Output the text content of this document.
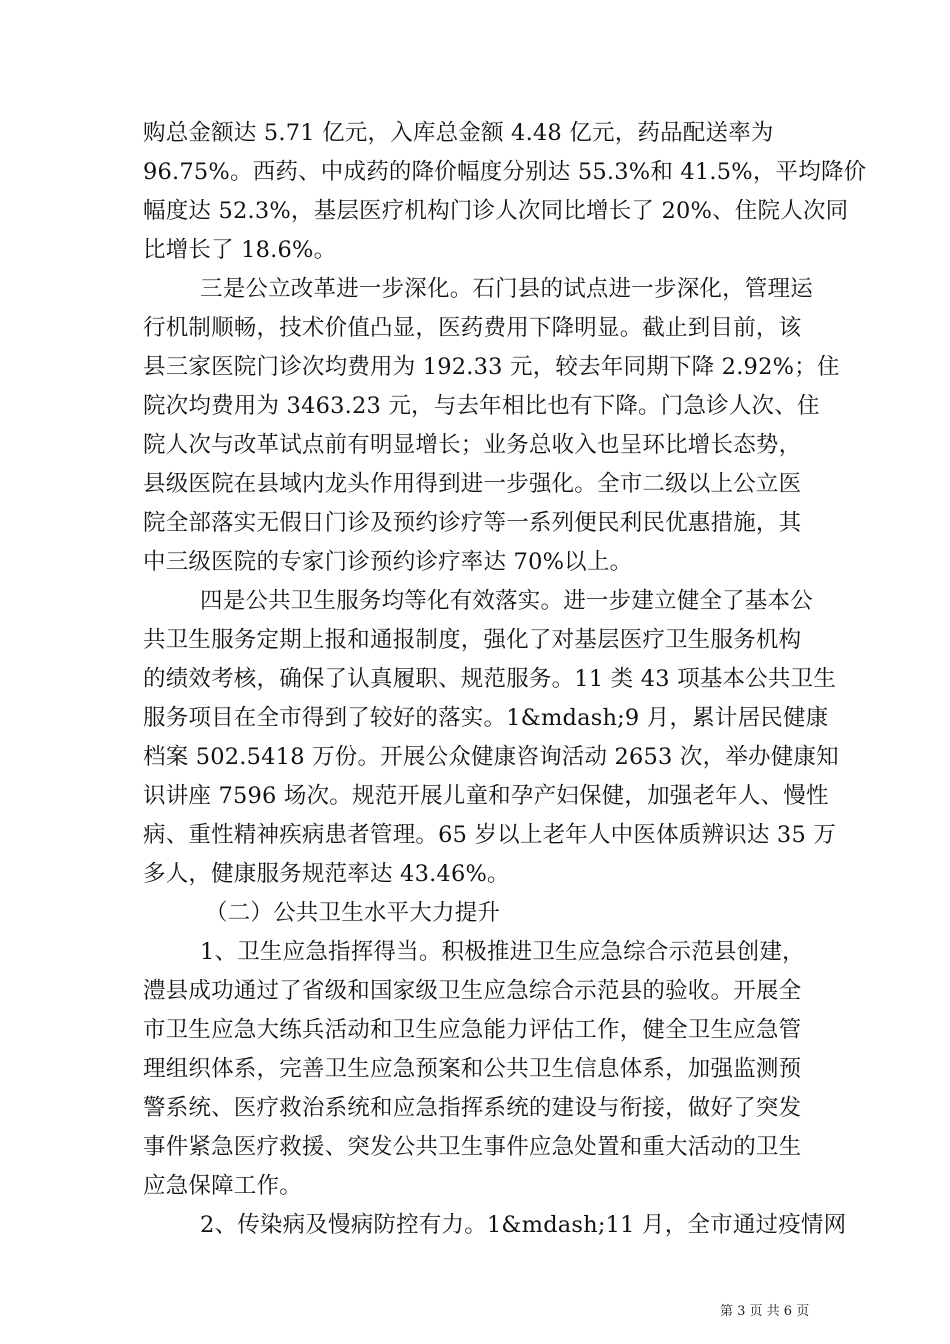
购总金额达 5.71 亿元，入库总金额 4.48 亿元，药品配送率为
96.75%。西药、中成药的降价幅度分别达 55.3%和 41.5%，平均降价
幅度达 52.3%，基层医疗机构门诊人次同比增长了 20%、住院人次同
比增长了 18.6%。
三是公立改革进一步深化。石门县的试点进一步深化，管理运
行机制顺畅，技术价值凸显，医药费用下降明显。截止到目前，该
县三家医院门诊次均费用为 192.33 元，较去年同期下降 2.92%；住
院次均费用为 3463.23 元，与去年相比也有下降。门急诊人次、住
院人次与改革试点前有明显增长；业务总收入也呈环比增长态势，
县级医院在县域内龙头作用得到进一步强化。全市二级以上公立医
院全部落实无假日门诊及预约诊疗等一系列便民利民优惠措施，其
中三级医院的专家门诊预约诊疗率达 70%以上。
四是公共卫生服务均等化有效落实。进一步建立健全了基本公
共卫生服务定期上报和通报制度，强化了对基层医疗卫生服务机构
的绩效考核，确保了认真履职、规范服务。11 类 43 项基本公共卫生
服务项目在全市得到了较好的落实。1&mdash;9 月，累计居民健康
档案 502.5418 万份。开展公众健康咨询活动 2653 次，举办健康知
识讲座 7596 场次。规范开展儿童和孕产妇保健，加强老年人、慢性
病、重性精神疾病患者管理。65 岁以上老年人中医体质辨识达 35 万
多人，健康服务规范率达 43.46%。
（二）公共卫生水平大力提升
1、卫生应急指挥得当。积极推进卫生应急综合示范县创建，
澧县成功通过了省级和国家级卫生应急综合示范县的验收。开展全
市卫生应急大练兵活动和卫生应急能力评估工作，健全卫生应急管
理组织体系，完善卫生应急预案和公共卫生信息体系，加强监测预
警系统、医疗救治系统和应急指挥系统的建设与衔接，做好了突发
事件紧急医疗救援、突发公共卫生事件应急处置和重大活动的卫生
应急保障工作。
2、传染病及慢病防控有力。1&mdash;11 月，全市通过疫情网
第 3 页 共 6 页
